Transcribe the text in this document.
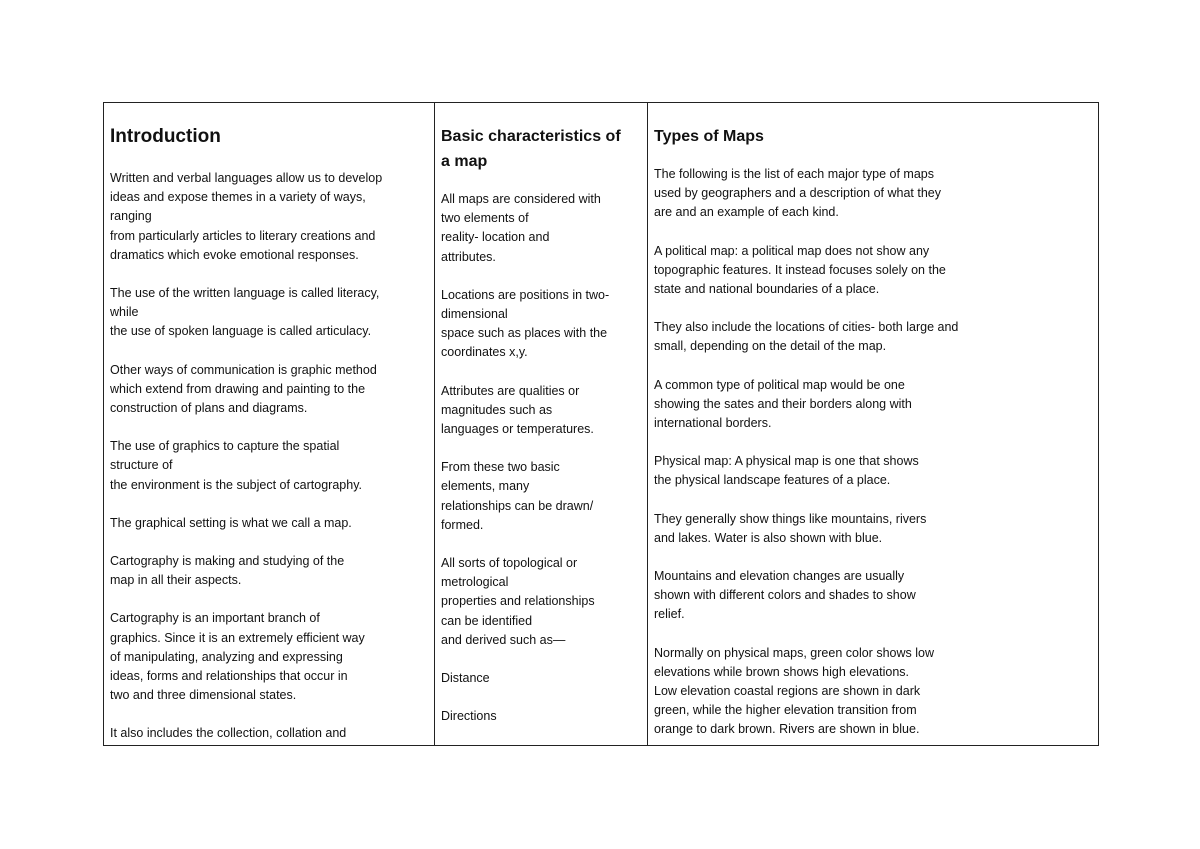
Introduction

Written and verbal languages allow us to develop
ideas and expose themes in a variety of ways,
ranging
from particularly articles to literary creations and
dramatics which evoke emotional responses.

The use of the written language is called literacy,
while
the use of spoken language is called articulacy.

Other ways of communication is graphic method
which extend from drawing and painting to the
construction of plans and diagrams.

The use of graphics to capture the spatial
structure of
the environment is the subject of cartography.

The graphical setting is what we call a map.

Cartography is making and studying of the
map in all their aspects.

Cartography is an important branch of
graphics. Since it is an extremely efficient way
of manipulating, analyzing and expressing
ideas, forms and relationships that occur in
two and three dimensional states.

It also includes the collection, collation and

Basic characteristics of
a map

All maps are considered with
two elements of
reality- location and
attributes.

Locations are positions in two-
dimensional
space such as places with the
coordinates x,y.

Attributes are qualities or
magnitudes such as
languages or temperatures.

From these two basic
elements, many
relationships can be drawn/
formed.

All sorts of topological or
metrological
properties and relationships
can be identified
and derived such as—

Distance

Directions

Types of Maps

The following is the list of each major type of maps
used by geographers and a description of what they
are and an example of each kind.

A political map: a political map does not show any
topographic features. It instead focuses solely on the
state and national boundaries of a place.

They also include the locations of cities- both large and
small, depending on the detail of the map.

A common type of political map would be one
showing the sates and their borders along with
international borders.

Physical map: A physical map is one that shows
the physical landscape features of a place.

They generally show things like mountains, rivers
and lakes. Water is also shown with blue.

Mountains and elevation changes are usually
shown with different colors and shades to show
relief.

Normally on physical maps, green color shows low
elevations while brown shows high elevations.
Low elevation coastal regions are shown in dark
green, while the higher elevation transition from
orange to dark brown. Rivers are shown in blue.
